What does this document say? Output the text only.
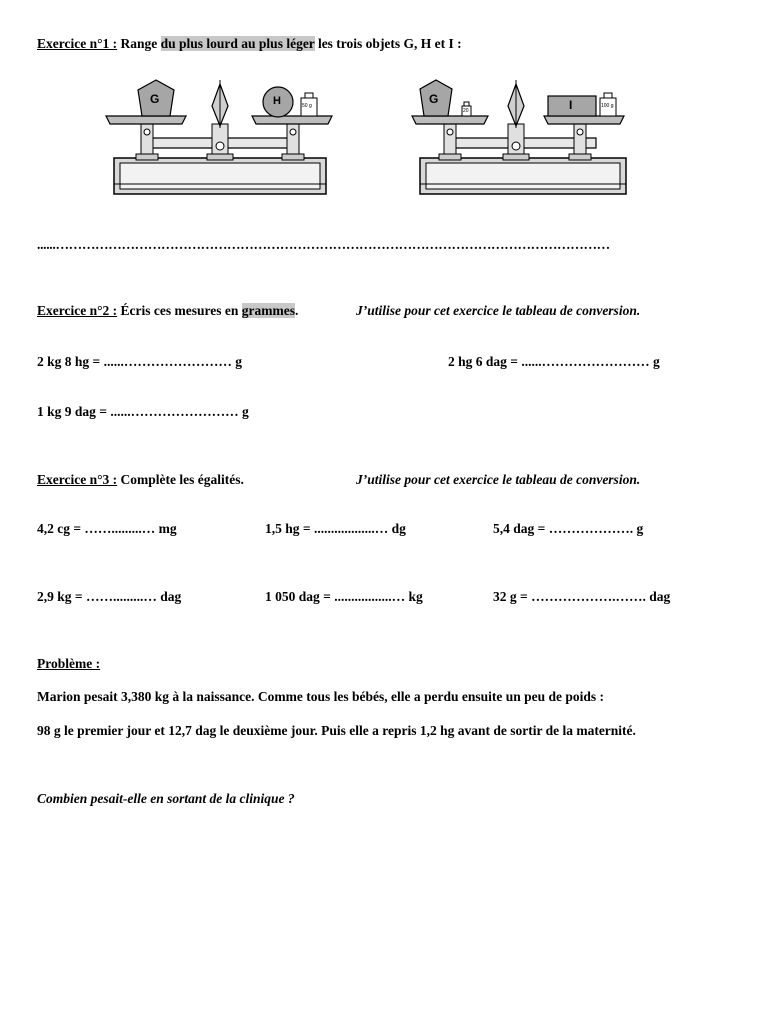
Exercice n°1 : Range du plus lourd au plus léger les trois objets G, H et I :
G	H	50 g	G
20	I	100 g
......………………………………………………………………………………………………………………
Exercice n°2 : Écris ces mesures en grammes.	J’utilise pour cet exercice le tableau de conversion.
2 kg 8 hg = ......…………………… g	2 hg 6 dag = ......…………………… g
1 kg 9 dag = ......…………………… g
Exercice n°3 : Complète les égalités.	J’utilise pour cet exercice le tableau de conversion.
4,2 cg = …….........… mg	1,5 hg = ..................… dg	5,4 dag = ………………. g
2,9 kg = …….........… dag	1 050 dag = .................… kg	32 g = ……………….……. dag
Problème :
Marion pesait 3,380 kg à la naissance. Comme tous les bébés, elle a perdu ensuite un peu de poids :
98 g le premier jour et 12,7 dag le deuxième jour. Puis elle a repris 1,2 hg avant de sortir de la maternité.
Combien pesait-elle en sortant de la clinique ?
